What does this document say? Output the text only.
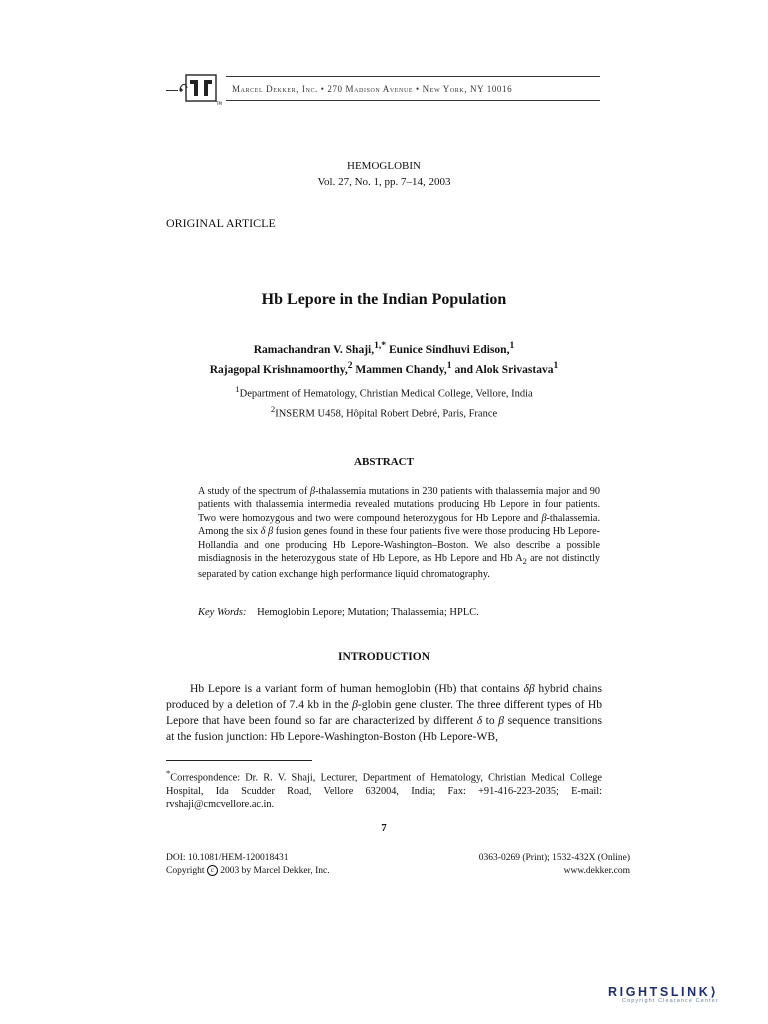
TM
Marcel Dekker, Inc. • 270 Madison Avenue • New York, NY 10016
HEMOGLOBIN
Vol. 27, No. 1, pp. 7–14, 2003
ORIGINAL ARTICLE
Hb Lepore in the Indian Population
Ramachandran V. Shaji,$^{1,*}$ Eunice Sindhuvi Edison,$^1$
Rajagopal Krishnamoorthy,$^2$ Mammen Chandy,$^1$ and Alok Srivastava$^1$
$^1$Department of Hematology, Christian Medical College, Vellore, India
$^2$INSERM U458, Hôpital Robert Debré, Paris, France
ABSTRACT
A study of the spectrum of β-thalassemia mutations in 230 patients with thalassemia major and 90 patients with thalassemia intermedia revealed mutations producing Hb Lepore in four patients. Two were homozygous and two were compound heterozygous for Hb Lepore and β-thalassemia. Among the six δ β fusion genes found in these four patients five were those producing Hb Lepore-Hollandia and one producing Hb Lepore-Washington–Boston. We also describe a possible misdiagnosis in the heterozygous state of Hb Lepore, as Hb Lepore and Hb $A_2$ are not distinctly separated by cation exchange high performance liquid chromatography.
Key Words: Hemoglobin Lepore; Mutation; Thalassemia; HPLC.
INTRODUCTION
Hb Lepore is a variant form of human hemoglobin (Hb) that contains δβ hybrid chains produced by a deletion of 7.4 kb in the β-globin gene cluster. The three different types of Hb Lepore that have been found so far are characterized by different δ to β sequence transitions at the fusion junction: Hb Lepore-Washington-Boston (Hb Lepore-WB,
*Correspondence: Dr. R. V. Shaji, Lecturer, Department of Hematology, Christian Medical College Hospital, Ida Scudder Road, Vellore 632004, India; Fax: +91-416-223-2035; E-mail: rvshaji@cmcvellore.ac.in.
7
DOI: 10.1081/HEM-120018431
Copyright c 2003 by Marcel Dekker, Inc.
0363-0269 (Print); 1532-432X (Online)
www.dekker.com
RIGHTSLINK⟩
Copyright Clearance Center
